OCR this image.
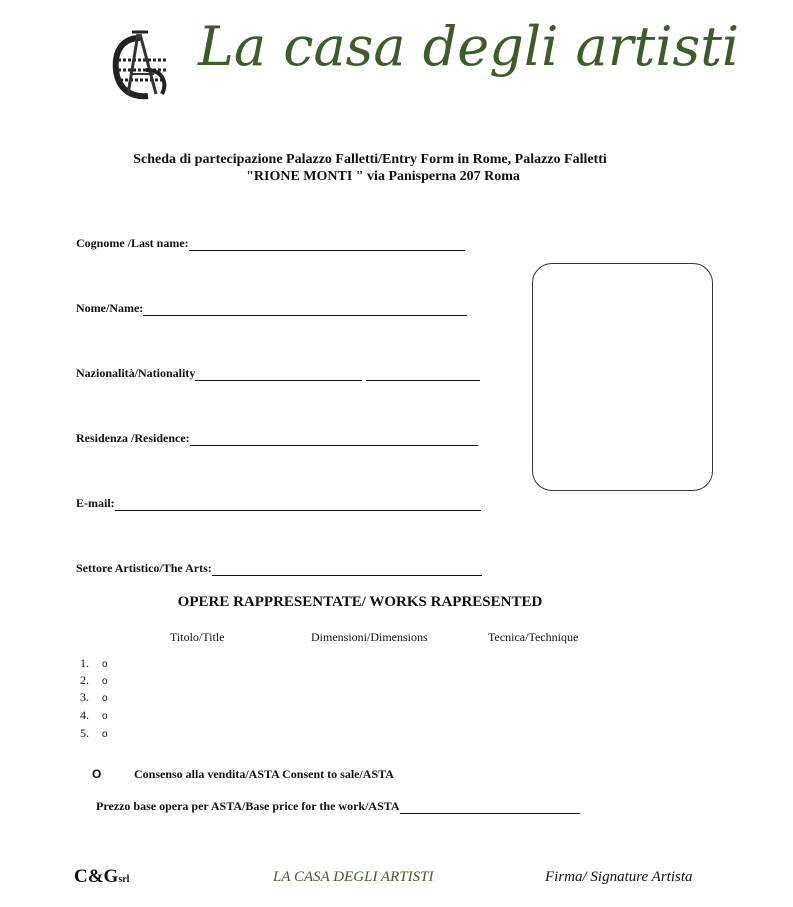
La casa degli artisti
Scheda di partecipazione Palazzo Falletti/Entry Form in Rome, Palazzo Falletti
"RIONE MONTI " via Panisperna 207 Roma
Cognome /Last name:
Nome/Name:
Nazionalità/Nationality
Residenza /Residence:
E-mail:
Settore Artistico/The Arts:
OPERE RAPPRESENTATE/ WORKS RAPRESENTED
Titolo/Title	Dimensioni/Dimensions	Tecnica/Technique
1. o
2. o
3. o
4. o
5. o
O	Consenso alla vendita/ASTA Consent to sale/ASTA
Prezzo base opera per ASTA/Base price for the work/ASTA
C&Gsrl	LA CASA DEGLI ARTISTI	Firma/ Signature Artista
